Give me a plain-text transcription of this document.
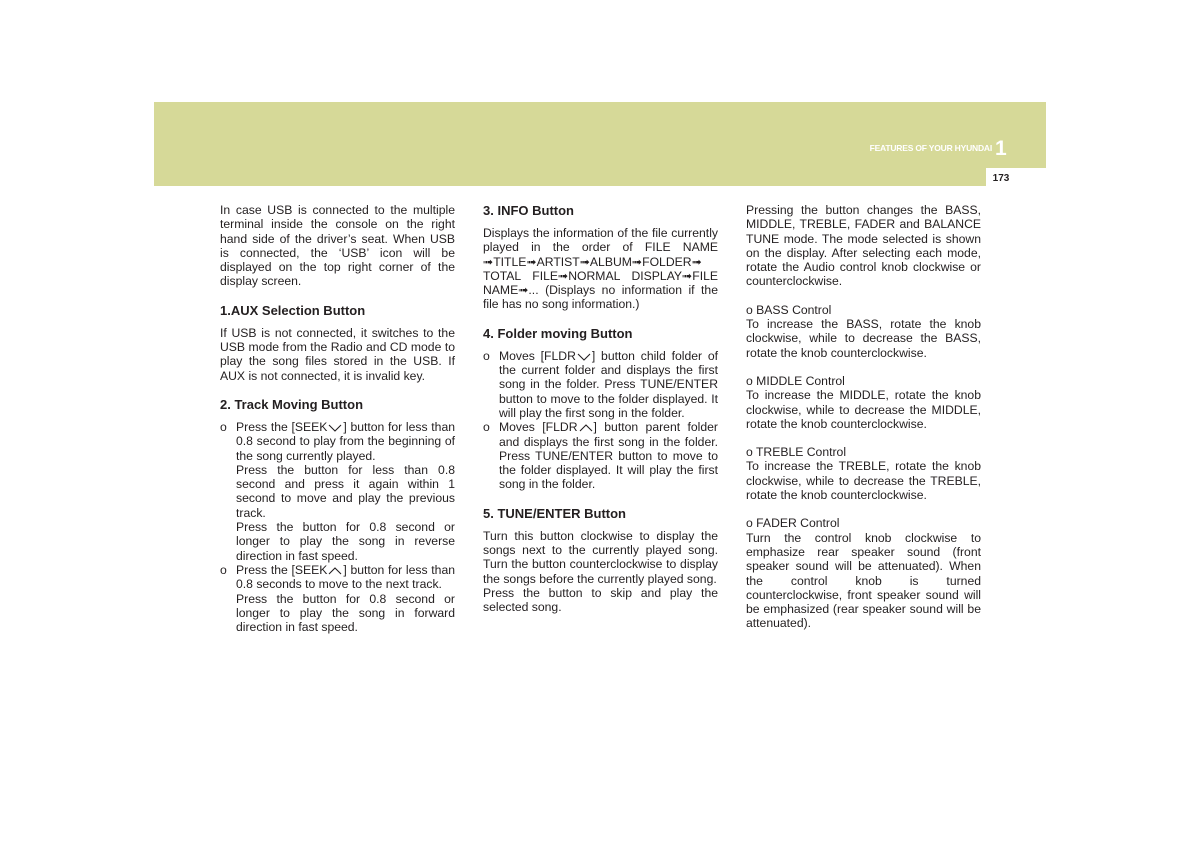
FEATURES OF YOUR HYUNDAI 1
173

In case USB is connected to the multiple terminal inside the console on the right hand side of the driver’s seat. When USB is connected, the ‘USB’ icon will be displayed on the top right corner of the display screen.

1.AUX Selection Button

If USB is not connected, it switches to the USB mode from the Radio and CD mode to play the song files stored in the USB. If AUX is not connected, it is invalid key.

2. Track Moving Button
o Press the [SEEK ] button for less than 0.8 second to play from the beginning of the song currently played.
Press the button for less than 0.8 second and press it again within 1 second to move and play the previous track.
Press the button for 0.8 second or longer to play the song in reverse direction in fast speed.
o Press the [SEEK ] button for less than 0.8 seconds to move to the next track.
Press the button for 0.8 second or longer to play the song in forward direction in fast speed.
3. INFO Button

Displays the information of the file currently played in the order of FILE NAME ➟TITLE➟ARTIST➟ALBUM➟FOLDER➟ TOTAL FILE➟NORMAL DISPLAY➟FILE NAME➟... (Displays no information if the file has no song information.)

4. Folder moving Button
o Moves [FLDR ] button child folder of the current folder and displays the first song in the folder. Press TUNE/ENTER button to move to the folder displayed. It will play the first song in the folder.
o Moves [FLDR ] button parent folder and displays the first song in the folder. Press TUNE/ENTER button to move to the folder displayed. It will play the first song in the folder.
5. TUNE/ENTER Button

Turn this button clockwise to display the songs next to the currently played song. Turn the button counterclockwise to display the songs before the currently played song.

Press the button to skip and play the selected song.

Pressing the button changes the BASS, MIDDLE, TREBLE, FADER and BALANCE TUNE mode. The mode selected is shown on the display. After selecting each mode, rotate the Audio control knob clockwise or counterclockwise.

o BASS Control

To increase the BASS, rotate the knob clockwise, while to decrease the BASS, rotate the knob counterclockwise.

o MIDDLE Control

To increase the MIDDLE, rotate the knob clockwise, while to decrease the MIDDLE, rotate the knob counterclockwise.

o TREBLE Control

To increase the TREBLE, rotate the knob clockwise, while to decrease the TREBLE, rotate the knob counterclockwise.

o FADER Control

Turn the control knob clockwise to emphasize rear speaker sound (front speaker sound will be attenuated). When the control knob is turned counterclockwise, front speaker sound will be emphasized (rear speaker sound will be attenuated).
